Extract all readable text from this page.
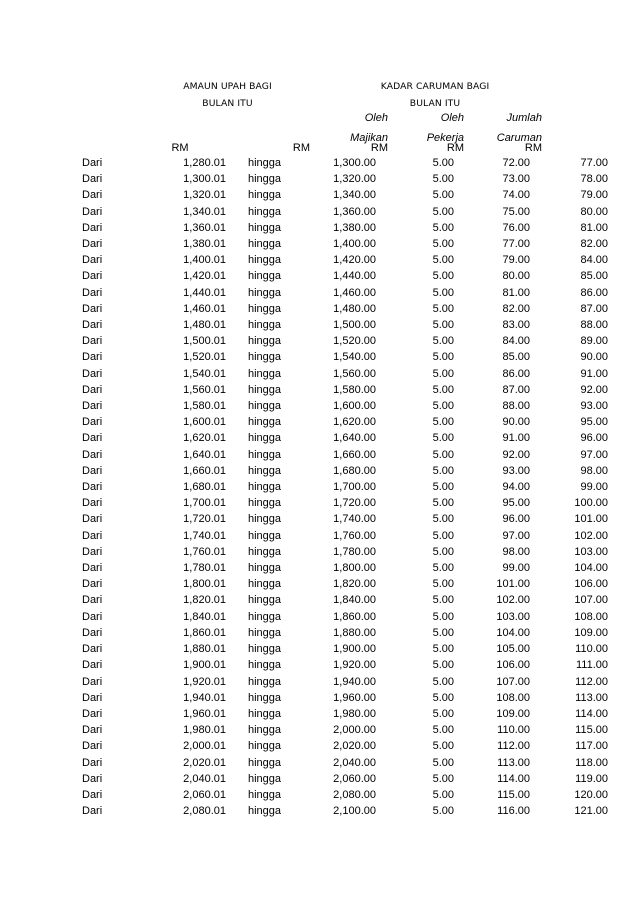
AMAUN UPAH BAGI
BULAN ITU
KADAR CARUMAN BAGI
BULAN ITU
Oleh
Majikan
Oleh
Pekerja
Jumlah
Caruman
RM	RM	RM	RM	RM
Dari	1,280.01	hingga	1,300.00	5.00	72.00	77.00
Dari	1,300.01	hingga	1,320.00	5.00	73.00	78.00
Dari	1,320.01	hingga	1,340.00	5.00	74.00	79.00
Dari	1,340.01	hingga	1,360.00	5.00	75.00	80.00
Dari	1,360.01	hingga	1,380.00	5.00	76.00	81.00
Dari	1,380.01	hingga	1,400.00	5.00	77.00	82.00
Dari	1,400.01	hingga	1,420.00	5.00	79.00	84.00
Dari	1,420.01	hingga	1,440.00	5.00	80.00	85.00
Dari	1,440.01	hingga	1,460.00	5.00	81.00	86.00
Dari	1,460.01	hingga	1,480.00	5.00	82.00	87.00
Dari	1,480.01	hingga	1,500.00	5.00	83.00	88.00
Dari	1,500.01	hingga	1,520.00	5.00	84.00	89.00
Dari	1,520.01	hingga	1,540.00	5.00	85.00	90.00
Dari	1,540.01	hingga	1,560.00	5.00	86.00	91.00
Dari	1,560.01	hingga	1,580.00	5.00	87.00	92.00
Dari	1,580.01	hingga	1,600.00	5.00	88.00	93.00
Dari	1,600.01	hingga	1,620.00	5.00	90.00	95.00
Dari	1,620.01	hingga	1,640.00	5.00	91.00	96.00
Dari	1,640.01	hingga	1,660.00	5.00	92.00	97.00
Dari	1,660.01	hingga	1,680.00	5.00	93.00	98.00
Dari	1,680.01	hingga	1,700.00	5.00	94.00	99.00
Dari	1,700.01	hingga	1,720.00	5.00	95.00	100.00
Dari	1,720.01	hingga	1,740.00	5.00	96.00	101.00
Dari	1,740.01	hingga	1,760.00	5.00	97.00	102.00
Dari	1,760.01	hingga	1,780.00	5.00	98.00	103.00
Dari	1,780.01	hingga	1,800.00	5.00	99.00	104.00
Dari	1,800.01	hingga	1,820.00	5.00	101.00	106.00
Dari	1,820.01	hingga	1,840.00	5.00	102.00	107.00
Dari	1,840.01	hingga	1,860.00	5.00	103.00	108.00
Dari	1,860.01	hingga	1,880.00	5.00	104.00	109.00
Dari	1,880.01	hingga	1,900.00	5.00	105.00	110.00
Dari	1,900.01	hingga	1,920.00	5.00	106.00	111.00
Dari	1,920.01	hingga	1,940.00	5.00	107.00	112.00
Dari	1,940.01	hingga	1,960.00	5.00	108.00	113.00
Dari	1,960.01	hingga	1,980.00	5.00	109.00	114.00
Dari	1,980.01	hingga	2,000.00	5.00	110.00	115.00
Dari	2,000.01	hingga	2,020.00	5.00	112.00	117.00
Dari	2,020.01	hingga	2,040.00	5.00	113.00	118.00
Dari	2,040.01	hingga	2,060.00	5.00	114.00	119.00
Dari	2,060.01	hingga	2,080.00	5.00	115.00	120.00
Dari	2,080.01	hingga	2,100.00	5.00	116.00	121.00
